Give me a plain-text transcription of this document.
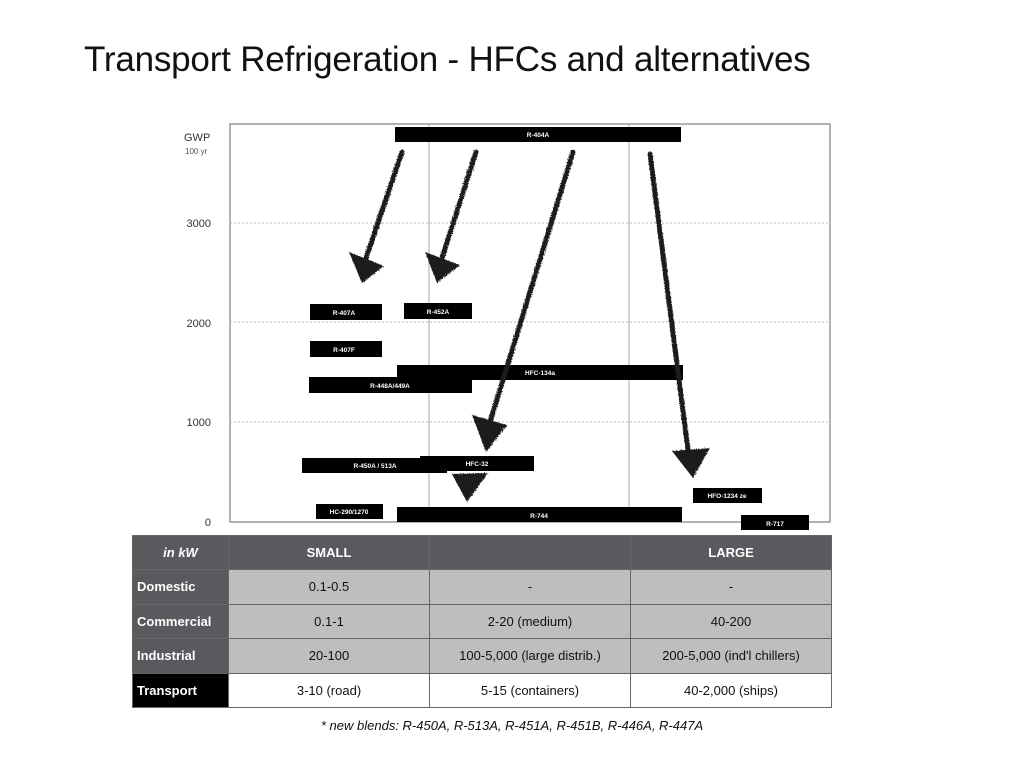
Transport Refrigeration - HFCs and alternatives
GWP
100 yr
3000
2000
1000
0
R-404A
R-407A	R-452A
R-407F
HFC-134a
R-448A/449A
R-450A / 513A	HFC-32
HFO-1234 ze
HC-290/1270
R-744
R-717
in kW	SMALL		LARGE
Domestic	0.1-0.5	-	-
Commercial	0.1-1	2-20 (medium)	40-200
Industrial	20-100	100-5,000 (large distrib.)	200-5,000 (ind'l chillers)
Transport	3-10 (road)	5-15 (containers)	40-2,000 (ships)
* new blends: R-450A, R-513A, R-451A, R-451B, R-446A, R-447A
